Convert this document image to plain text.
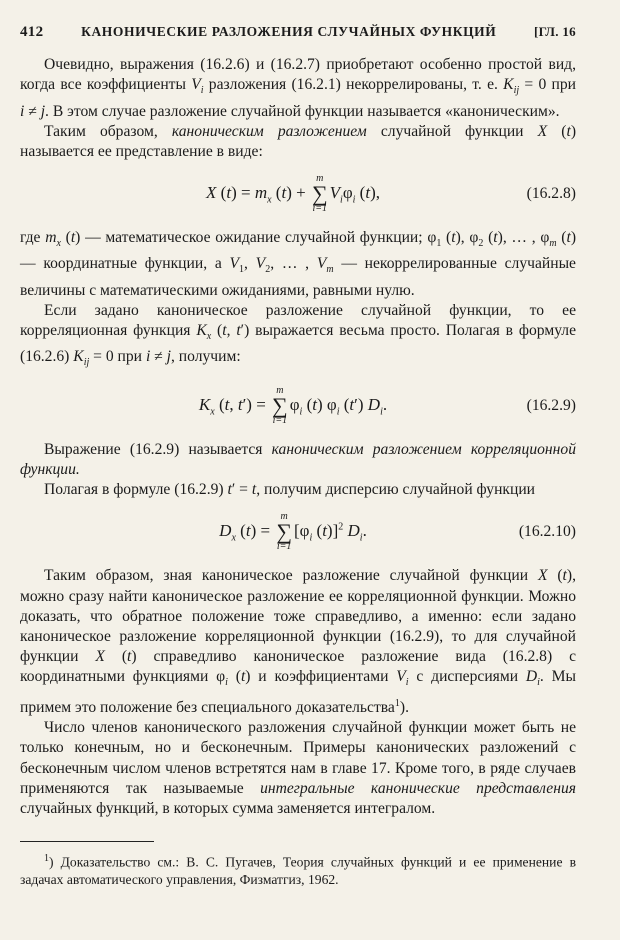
412	КАНОНИЧЕСКИЕ РАЗЛОЖЕНИЯ СЛУЧАЙНЫХ ФУНКЦИЙ	[ГЛ. 16

Очевидно, выражения (16.2.6) и (16.2.7) приобретают особенно простой вид, когда все коэффициенты $V_i$ разложения (16.2.1) некоррелированы, т. е. $K_{ij} = 0$ при i ≠ j. В этом случае разложение случайной функции называется «каноническим».

Таким образом, каноническим разложением случайной функции X (t) называется ее представление в виде:

X $(t) = m_x$ (t) +
m
∑
i=1
$V_i\varphi_i$ (t),	(16.2.8)

где $m_x$ (t) — математическое ожидание случайной функции; $\varphi_1$ (t), $\varphi_2$ (t), … , $\varphi_m$ (t) — координатные функции, а $V_1$, $V_2$, … , $V_m$ — некоррелированные случайные величины с математическими ожиданиями, равными нулю.

Если задано каноническое разложение случайной функции, то ее корреляционная функция $K_x$ (t, t′) выражается весьма просто. Полагая в формуле (16.2.6) $K_{ij} = 0$ при i ≠ j, получим:

$K_x$ (t, t′) =
m
∑
i=1
$\varphi_i$ (t) $\varphi_i$ (t′) $D_i$.	(16.2.9)

Выражение (16.2.9) называется каноническим разложением корреляционной функции.

Полагая в формуле (16.2.9) t′ = t, получим дисперсию случайной функции

$D_x$ (t) =
m
∑
i=1
[$\varphi_i$ (t)]$^2$ $D_i$.	(16.2.10)

Таким образом, зная каноническое разложение случайной функции X (t), можно сразу найти каноническое разложение ее корреляционной функции. Можно доказать, что обратное положение тоже справедливо, а именно: если задано каноническое разложение корреляционной функции (16.2.9), то для случайной функции X (t) справедливо каноническое разложение вида (16.2.8) с координатными функциями $\varphi_i$ (t) и коэффициентами $V_i$ с дисперсиями $D_i$. Мы примем это положение без специального доказательства$^1$).

Число членов канонического разложения случайной функции может быть не только конечным, но и бесконечным. Примеры канонических разложений с бесконечным числом членов встретятся нам в главе 17. Кроме того, в ряде случаев применяются так называемые интегральные канонические представления случайных функций, в которых сумма заменяется интегралом.

$^1$) Доказательство см.: В. С. Пугачев, Теория случайных функций и ее применение в задачах автоматического управления, Физматгиз, 1962.
